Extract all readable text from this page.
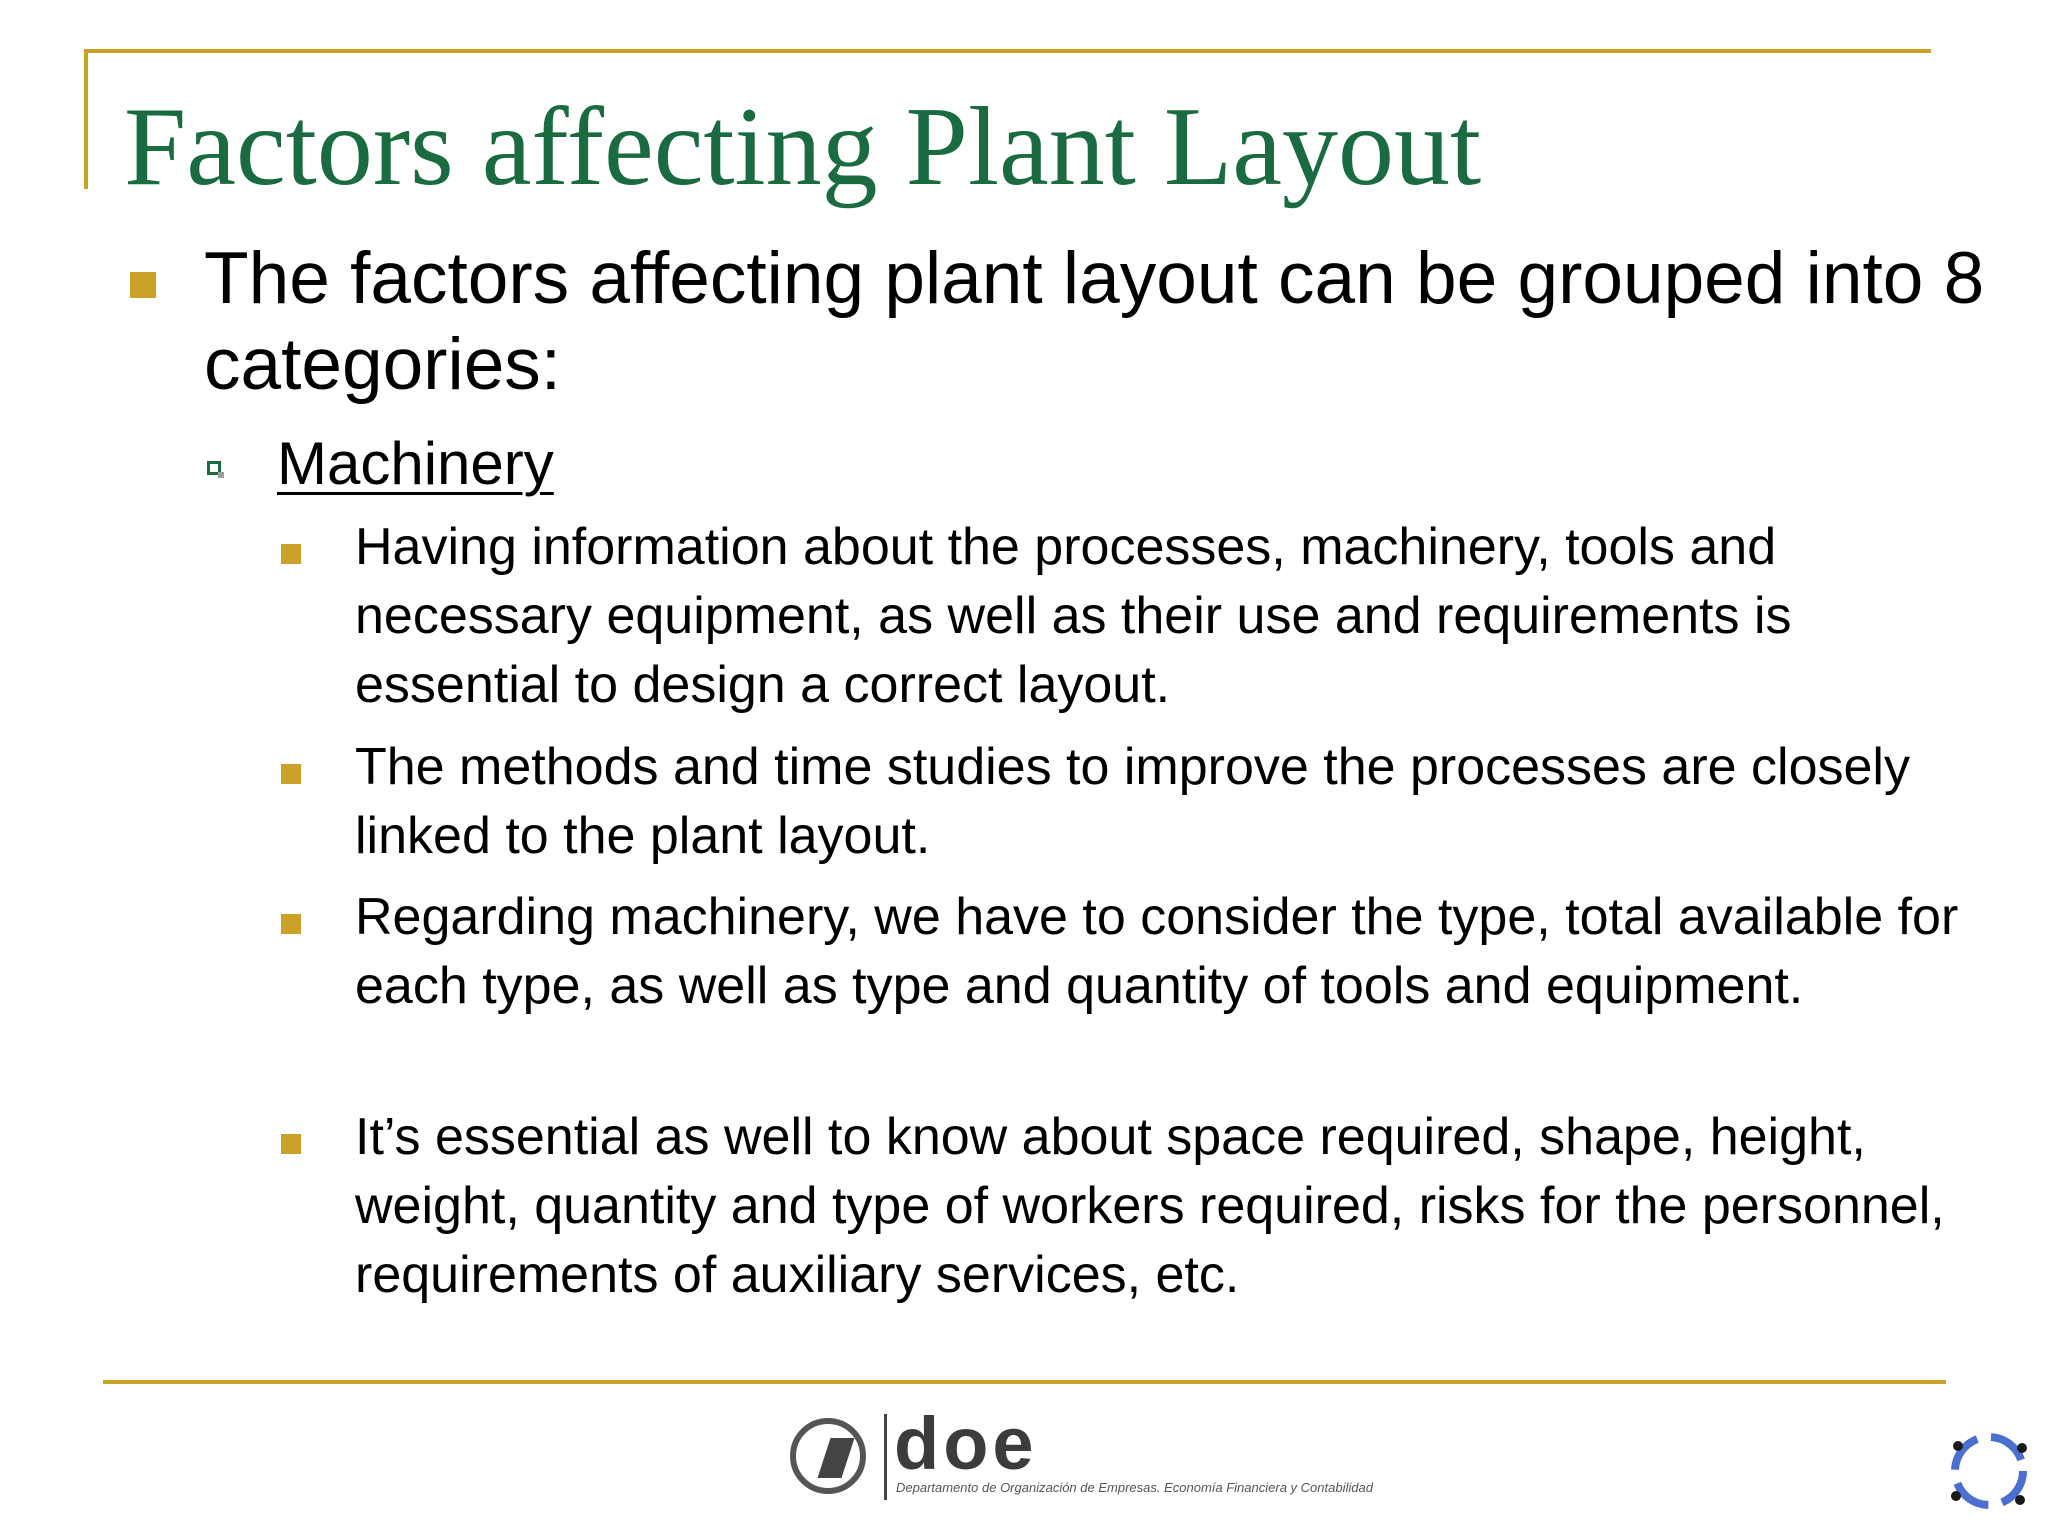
Factors affecting Plant Layout

The factors affecting plant layout can be grouped into 8 categories:

Machinery

Having information about the processes, machinery, tools and necessary equipment, as well as their use and requirements is essential to design a correct layout.

The methods and time studies to improve the processes are closely linked to the plant layout.

Regarding machinery, we have to consider the type, total available for each type, as well as type and quantity of tools and equipment.

It’s essential as well to know about space required, shape, height, weight, quantity and type of workers required, risks for the personnel, requirements of auxiliary services, etc.

doe

Departamento de Organización de Empresas. Economía Financiera y Contabilidad
